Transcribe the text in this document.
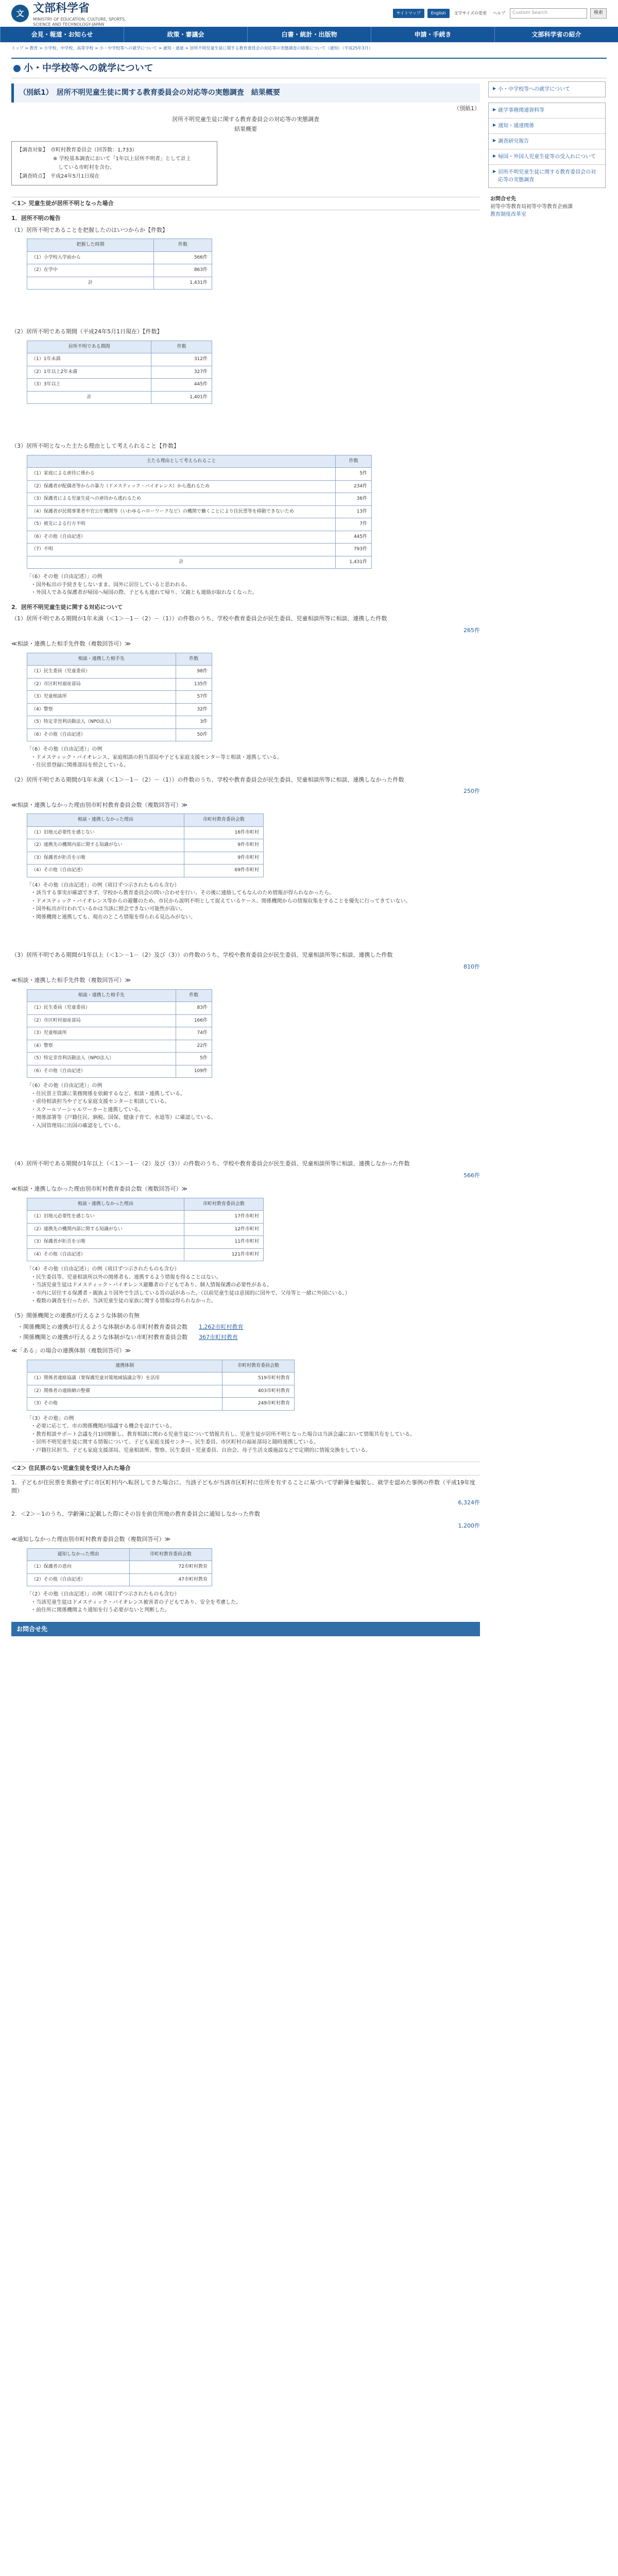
文 文部科学省
MINISTRY OF EDUCATION, CULTURE, SPORTS, SCIENCE AND TECHNOLOGY-JAPAN
サイトマップ	English	文字サイズの変更	ヘルプ	Custom Search	検索
会見・報道・お知らせ	政策・審議会	白書・統計・出版物	申請・手続き	文部科学省の紹介
トップ > 教育 > 小学校、中学校、高等学校 > 小・中学校等への就学について > 通知・通達 > 居所不明児童生徒に関する教育委員会の対応等の実態調査の結果について（通知）（平成25年3月）
小・中学校等への就学について
（別紙1）　居所不明児童生徒に関する教育委員会の対応等の実態調査　結果概要
（別紙1）
居所不明児童生徒に関する教育委員会の対応等の実態調査
結果概要
【調査対象】　市町村教育委員会（回答数：1,733）
　　　　　　　※ 学校基本調査において「1年以上居所不明者」として計上
　　　　　　　　している市町村を含む。
【調査時点】　平成24年5月1日現在
＜1＞ 児童生徒が居所不明となった場合
1．居所不明の報告
（1）居所不明であることを把握したのはいつからか【件数】
把握した時期	件数
（1）小学校入学前から	566件
（2）在学中	863件
計	1,431件
（2）居所不明である期間（平成24年5月1日現在）【件数】
居所不明である期間	件数
（1）1年未満	312件
（2）1年以上2年未満	327件
（3）3年以上	445件
計	1,401件
（3）居所不明となった主たる理由として考えられること【件数】
主たる理由として考えられること	件数
（1）家庭による虐待に係わる	5件
（2）保護者が配偶者等からの暴力（ドメスティック・バイオレンス）から逃れるため	234件
（3）保護者による児童生徒への虐待から逃れるため	36件
（4）保護者が民間事業者や官公庁機関等（いわゆるハローワークなど）の機関で働くことにより住民票等を移動できないため	13件
（5）被災による行方不明	7件
（6）その他（自由記述）	445件
（7）不明	793件
計	1,431件
「（6）その他（自由記述）」の例
・国外転出の手続きをしないまま、国外に居住していると思われる。
・外国人である保護者が帰国へ帰国の際、子どもも連れて帰り、父親とも連絡が取れなくなった。
2．居所不明児童生徒に関する対応について
（1）居所不明である期間が1年未満（＜1＞－1－（2）－（1））の件数のうち、学校や教育委員会が民生委員、児童相談所等に相談、連携した件数
265件
≪相談・連携した相手先件数（複数回答可）≫
相談・連携した相手先	件数
（1）民生委員（児童委員）	98件
（2）市区町村福祉部局	135件
（3）児童相談所	57件
（4）警察	32件
（5）特定非営利活動法人（NPO法人）	3件
（6）その他（自由記述）	50件
「（6）その他（自由記述）」の例
・ドメスティック・バイオレンス、家庭相談の担当部局や子ども家庭支援センター等と相談・連携している。
・住民票登録に関係部局を照会している。
（2）居所不明である期間が1年未満（＜1＞－1－（2）－（1））の件数のうち、学校や教育委員会が民生委員、児童相談所等に相談、連携しなかった件数
250件
≪相談・連携しなかった理由別市町村教育委員会数（複数回答可）≫
相談・連携しなかった理由	市町村教育委員会数
（1）旧地元必要性を感じない	16件市町村
（2）連携先の機関内部に関する知識がない	9件市町村
（3）保護者が拒否を示唆	9件市町村
（4）その他（自由記述）	69件市町村
「（4）その他（自由記述）」の例（項目ずつ示されたものも含む）
・該当する事実が確認できず、学校から教育委員会の問い合わせを行い、その後に連絡してもなんのため情報が得られなかったら。
・ドメスティック・バイオレンス等からの避難のため、市民から説明不明として捉えているケース、関係機関からの情報収集をすることを優先に行ってきていない。
・国外転出が行われているかは当該に照会できない可能性が高い。
・関係機関と連携しても、現在のところ情報を得られる見込みがない。
（3）居所不明である期間が1年以上（＜1＞－1－（2）及び（3））の件数のうち、学校や教育委員会が民生委員、児童相談所等に相談、連携した件数
810件
≪相談・連携した相手先件数（複数回答可）≫
相談・連携した相手先	件数
（1）民生委員（児童委員）	83件
（2）市区町村福祉部局	166件
（3）児童相談所	74件
（4）警察	22件
（5）特定非営利活動法人（NPO法人）	5件
（6）その他（自由記述）	109件
「（6）その他（自由記述）」の例
・住民票主管課に業務関係を依頼するなど、相談・連携している。
・虐待相談担当や子ども家庭支援センターと相談している。
・スクールソーシャルワーカーと連携している。
・関係部署等（戸籍住民、納税、国保、健康子育て、水道等）に確認している。
・入国管理局に出国の確認をしている。
（4）居所不明である期間が1年以上（＜1＞－1－（2）及び（3））の件数のうち、学校や教育委員会が民生委員、児童相談所等に相談、連携しなかった件数
566件
≪相談・連携しなかった理由別市町村教育委員会数（複数回答可）≫
相談・連携しなかった理由	市町村教育委員会数
（1）旧地元必要性を感じない	17件市町村
（2）連携先の機関内部に関する知識がない	12件市町村
（3）保護者が拒否を示唆	11件市町村
（4）その他（自由記述）	121件市町村
「（4）その他（自由記述）」の例（項目ずつ示されたものも含む）
・民生委員等、児童相談所以外の関係者も、連携するよう情報を得ることはない。
・当該児童生徒はドメスティック・バイオレンス避難者の子どもであり、個人情報保護の必要性がある。
・市内に居住する保護者・親族より国外で生活している旨の話があった。（以前児童生徒は意図的に国外で、父母等と一緒に外国にいる。）
・複数の調査を行ったが、当該児童生徒の家族に関する情報は得られなかった。
（5）関係機関との連携が行えるような体制の有無
・関係機関との連携が行えるような体制がある市町村教育委員会数　　 1,262市町村教育
・関係機関との連携が行えるような体制がない市町村教育委員会数　　 367市町村教育
≪「ある」の場合の連携体制（複数回答可）≫
連携体制	市町村教育委員会数
（1）関係者連絡協議（要保護児童対策地域協議会等）を活用	519市町村教育
（2）関係者の連絡網の整備	403市町村教育
（3）その他	249市町村教育
「（3）その他」の例
・必要に応じて、市の関係機関が協議する機会を設けている。
・教育相談サポート会議を月1回開催し、教育相談に関わる児童生徒について情報共有し、児童生徒が居所不明となった場合は当該会議において情報共有をしている。
・居所不明児童生徒に関する情報について、子ども家庭支援センター、民生委員、市区町村の福祉部局と随時連携している。
・戸籍住民担当、子ども家庭支援部局、児童相談所、警察、民生委員・児童委員、自治会、母子生活支援施設などで定期的に情報交換をしている。
＜2＞ 住民票のない児童生徒を受け入れた場合
1．子どもが住民票を異動せずに市区町村内へ転居してきた場合に、当該子どもが当該市区町村に住所を有することに基づいて学齢簿を編製し、就学を認めた事例の件数（平成19年度間）
6,324件
2．＜2＞－1のうち、学齢簿に記載した際にその旨を前住所地の教育委員会に通知しなかった件数
1,200件
≪通知しなかった理由別市町村教育委員会数（複数回答可）≫
通知しなかった理由	市町村教育委員会数
（1）保護者の意向	72市町村教育
（2）その他（自由記述）	47市町村教育
「（2）その他（自由記述）」の例（項目ずつ示されたものも含む）
・当該児童生徒はドメスティック・バイオレンス被害者の子どもであり、安全を考慮した。
・前住所に関係機関より通知を行う必要がないと判断した。
お問合せ先
▶ 小・中学校等への就学について
▶ 就学事務関連資料等
▶ 通知・通達関係
▶ 調査研究報告
▶ 帰国・外国人児童生徒等の受入れについて
▶ 居所不明児童生徒に関する教育委員会の対応等の実態調査
お問合せ先
初等中等教育局初等中等教育企画課
教育制度改革室
